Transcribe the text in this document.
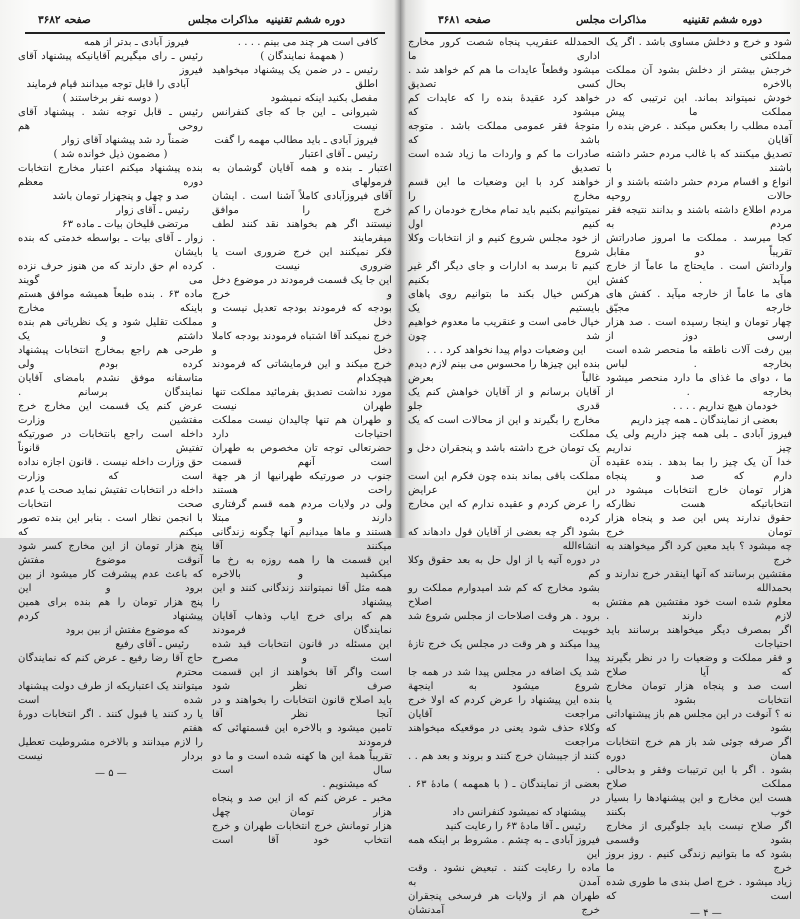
دوره ششم تقنینیه
مذاکرات مجلس
صفحه ۳۶۸۲
فیروز آبادی ـ بدتر از همه
رئیس ـ رای میگیریم آقایانیکه پیشنهاد آقای فیروز
آبادی را قابل توجه میدانند قیام فرمایند
( دوسه نفر برخاستند )
رئیس ـ قابل توجه نشد . پیشنهاد آقای روحی هم
ضمناً رد شد پیشنهاد آقای زوار
( مضمون ذیل خوانده شد )
بنده پیشنهاد میکنم اعتبار مخارج انتخابات دوره معظم
صد و چهل و پنجهزار تومان باشد
رئیس ـ آقای زوار
مرتضی قلیخان بیات ـ ماده ۶۳
زوار ـ آقای بیات ـ بواسطه خدمتی که بنده بایشان
کرده ام حق دارند که من هنوز حرف نزده می گویند
ماده ۶۳ . بنده طبعاً همیشه موافق هستم باینکه مخارج
مملکت تقلیل شود و یک نظریاتی هم بنده داشتم و یک
طرحی هم راجع بمخارج انتخابات پیشنهاد کرده بودم ولی
متاسفانه موفق نشدم بامضای آقایان نمایندگان برسانم .
عرض کنم یک قسمت این مخارج خرج مفتشین وزارت
داخله است راجع بانتخابات در صورتیکه تفتیش قانوناً
حق وزارت داخله نیست . قانون اجازه نداده است که وزارت
داخله در انتخابات تفتیش نماید صحت یا عدم صحت انتخابات
با انجمن نظار است . بنابر این بنده تصور میکنم که
پنج هزار تومان از این مخارج کسر شود آنوقت موضوع مفتش
که باعث عدم پیشرفت کار میشود از بین برود و این
پنج هزار تومان را هم بنده برای همین پیشنهاد کردم
که موضوع مفتش از بین برود
رئیس ـ آقای رفیع
حاج آقا رضا رفیع ـ عرض کنم که نمایندگان محترم
میتوانند یک اعتباریکه از طرف دولت پیشنهاد شده است
یا رد کنند یا قبول کنند . اگر انتخابات دورهٔ هفتم
را لازم میدانند و بالاخره مشروطیت تعطیل بردار نیست
کافی است هر چند می بینم . . . .
( همهمهٔ نمایندگان )
رئیس ـ در ضمن یک پیشنهاد میخواهید اطلق
مفصل بکنید اینکه نمیشود
شیروانی ـ این جا که جای کنفرانس نیست
فیروز آبادی ـ باید مطالب مهمه را گفت
رئیس ـ آقای اعتبار
اعتبار ـ بنده و همه آقایان گوشمان به فرمولهای
آقای فیروزآبادی کاملاً آشنا است . ایشان خرج را موافق
نیستند اگر هم بخواهند نقد کنند لطف میفرمایند .
فکر نمیکنند این خرج ضروری است یا ضروری نیست .
این جا یک قسمت فرمودند در موضوع دخل و خرج
بودجه که فرمودند بودجه تعدیل نیست و دخل و
خرج نمیکند آقا اشتباه فرمودند بودجه کاملا دخل و
خرج میکند و این فرمایشاتی که فرمودند هیچکدام
مورد نداشت تصدیق بفرمائید مملکت تنها طهران نیست
و طهران هم تنها چالیدان نیست مملکت احتیاجات دارد
حضرتعالی توجه تان مخصوص به طهران است آنهم قسمت
جنوب در صورتیکه طهرانیها از هر جهة راحت هستند
ولی در ولایات مردم همه قسم گرفتاری دارند و مبتلا
هستند و ماها میدانیم آنها چگونه زندگانی میکنند آقا
این قسمت ها را همه روزه به رخ ما میکشید و بالاخره
همه مثل آقا نمیتوانند زندگانی کنند و این پیشنهاد را
هم که برای خرج ایاب وذهاب آقایان نمایندگان فرمودند
این مسئله در قانون انتخابات قید شده است و مصرح
است واگر آقا بخواهند از این قسمت صرف نظر شود
باید اصلاح قانون انتخابات را بخواهند و در آنجا نظر آقا
تامین میشود و بالاخره این قسمتهائی که فرمودند
تقریباً همهٔ این ها کهنه شده است و ما دو سال است
که میشنویم .
مخبر ـ عرض کنم که از این صد و پنجاه هزار تومان چهل
هزار تومانش خرج انتخابات طهران و خرج انتخاب خود آقا است
— ۵ —
دوره ششم تقنینیه
مذاکرات مجلس
صفحه ۳۶۸۱
الحمدلله عنقریب پنجاه شصت کرور مخارج اداری ما
میشود وقطعاً عایدات ما هم کم خواهد شد . کسی تصدیق
خواهد کرد عقیدهٔ بنده را که عایدات کم میشود که
متوجهٔ فقر عمومی مملکت باشد . متوجه باشد که
صادرات ما کم و واردات ما زیاد شده است تصدیق
خواهند کرد با این وضعیات ما این قسم مخارج را
نمیتوانیم بکنیم باید تمام مخارج خودمان را کم کنیم اول
از خود مجلس شروع کنیم و از انتخابات وکلا شروع
کنیم تا برسد به ادارات و جای دیگر اگر غیر این بکنیم
هرکس خیال بکند ما بتوانیم روی پاهای بایستیم یک
خیال خامی است و عنقریب ما معدوم خواهیم شد چون
این وضعیات دوام پیدا نخواهد کرد . . .
بنده این چیزها را محسوس می بینم لازم دیدم غالباً بعرض
آقایان برسانم و از آقایان خواهش کنم یک قدری جلو
مخارج را بگیرند و این از محالات است که یک مملکت
یک تومان خرج داشته باشد و پنجقران دخل و آن
مملکت باقی بماند بنده چون فکرم این است این عرایض
را عرض کردم و عقیده ندارم که این مخارج کرده
بشود اگر چه بعضی از آقایان قول دادهاند که انشاءالله
در دوره آتیه یا از اول حل به بعد حقوق وکلا کم
بشود مخارج که کم شد امیدوارم مملکت رو به اصلاح
برود . هر وقت اصلاحات از مجلس شروع شد خوبیت
پیدا میکند و هر وقت در مجلس یک خرج تازهٔ پیدا
شد یک اضافه در مجلس پیدا شد در همه جا شروع میشود به اینجهة
بنده این پیشنهاد را عرض کردم که اولا خرج مراجعت آقایان
وکلاء حذف شود یعنی در موقعیکه میخواهند مراجعت
کنند از جیبشان خرج کنند و بروند و بعد هم . . .
بعضی از نمایندگان ـ ( با همهمه ) مادهٔ ۶۳ . در
پیشنهاد که نمیشود کنفرانس داد
رئیس ـ آقا مادهٔ ۶۳ را رعایت کنید
فیروز آبادی ـ به چشم . مشروط بر اینکه همه این
ماده را رعایت کنند . تبعیض نشود . وقت آمدن به
طهران هم از ولایات هر فرسخی پنجقران خرج آمدنشان
شود و خرج و دخلش مساوی باشد . اگر یک مملکتی
خرجش بیشتر از دخلش بشود آن مملکت بالاخره بحال
خودش نمیتواند بماند. این ترتیبی که در مملکت ما پیش
آمده مطلب را بعکس میکند . عرض بنده را آقایان
تصدیق میکنند که با غالب مردم حشر داشته باشند با
انواع و اقسام مردم حشر داشته باشند و از حالات روحیه
مردم اطلاع داشته باشند و بدانند نتیجه فقر مردم به
کجا میرسد . مملکت ما امروز صادراتش تقریباً دو مقابل
وارداتش است . مایحتاج ما عاماً از خارج میآید . کفش
های ما عاماً از خارجه میآید . کفش های خارجه مجیّق
چهار تومان و اینجا رسیده است . صد هزار ارسی دوز از
بین رفت آلات ناطقه ما منحصر شده است بخارجه . لباس
ما ، دوای ما غذای ما دارد منحصر میشود بخارجه . از
خودمان هیچ نداریم . . . .
بعضی از نمایندگان ـ همه چیز داریم
فیروز آبادی ـ بلی همه چیز داریم ولی یک چیز نداریم
خدا آن یک چیز را بما بدهد . بنده عقیده دارم که صد و پنجاه
هزار تومان خارج انتخابات میشود در انتخاباتیکه هست نظارکه
حقوق ندارند پس این صد و پنجاه هزار تومان خرج
چه میشود ؟ باید معین کرد اگر میخواهند به خرج
مفتشین برسانند که آنها اینقدر خرج ندارند و بحمدالله
معلوم شده است خود مفتشین هم مفتش لازم دارند .
اگر بمصرف دیگر میخواهند برسانند باید احتیاجات
و فقر مملکت و وضعیات را در نظر بگیرند که آیا صلاح
است صد و پنجاه هزار تومان مخارج انتخابات بشود یا
نه ؟ آنوقت در این مجلس هم باز پیشنهاداتی بشود که
اگر صرفه جوئی شد باز هم خرج انتخابات همان دوره
بشود . اگر با این ترتیبات وفقر و بدحالی مملکت صلاح
هست این مخارج و این پیشنهادها را بسیار خوب بکنند
اگر صلاح نیست باید جلوگیری از مخارج بشود وقسمی
بشود که ما بتوانیم زندگی کنیم . روز بروز خرج ما
زیاد میشود . خرج اصل بندی ما طوری شده است که
— ۴ —
